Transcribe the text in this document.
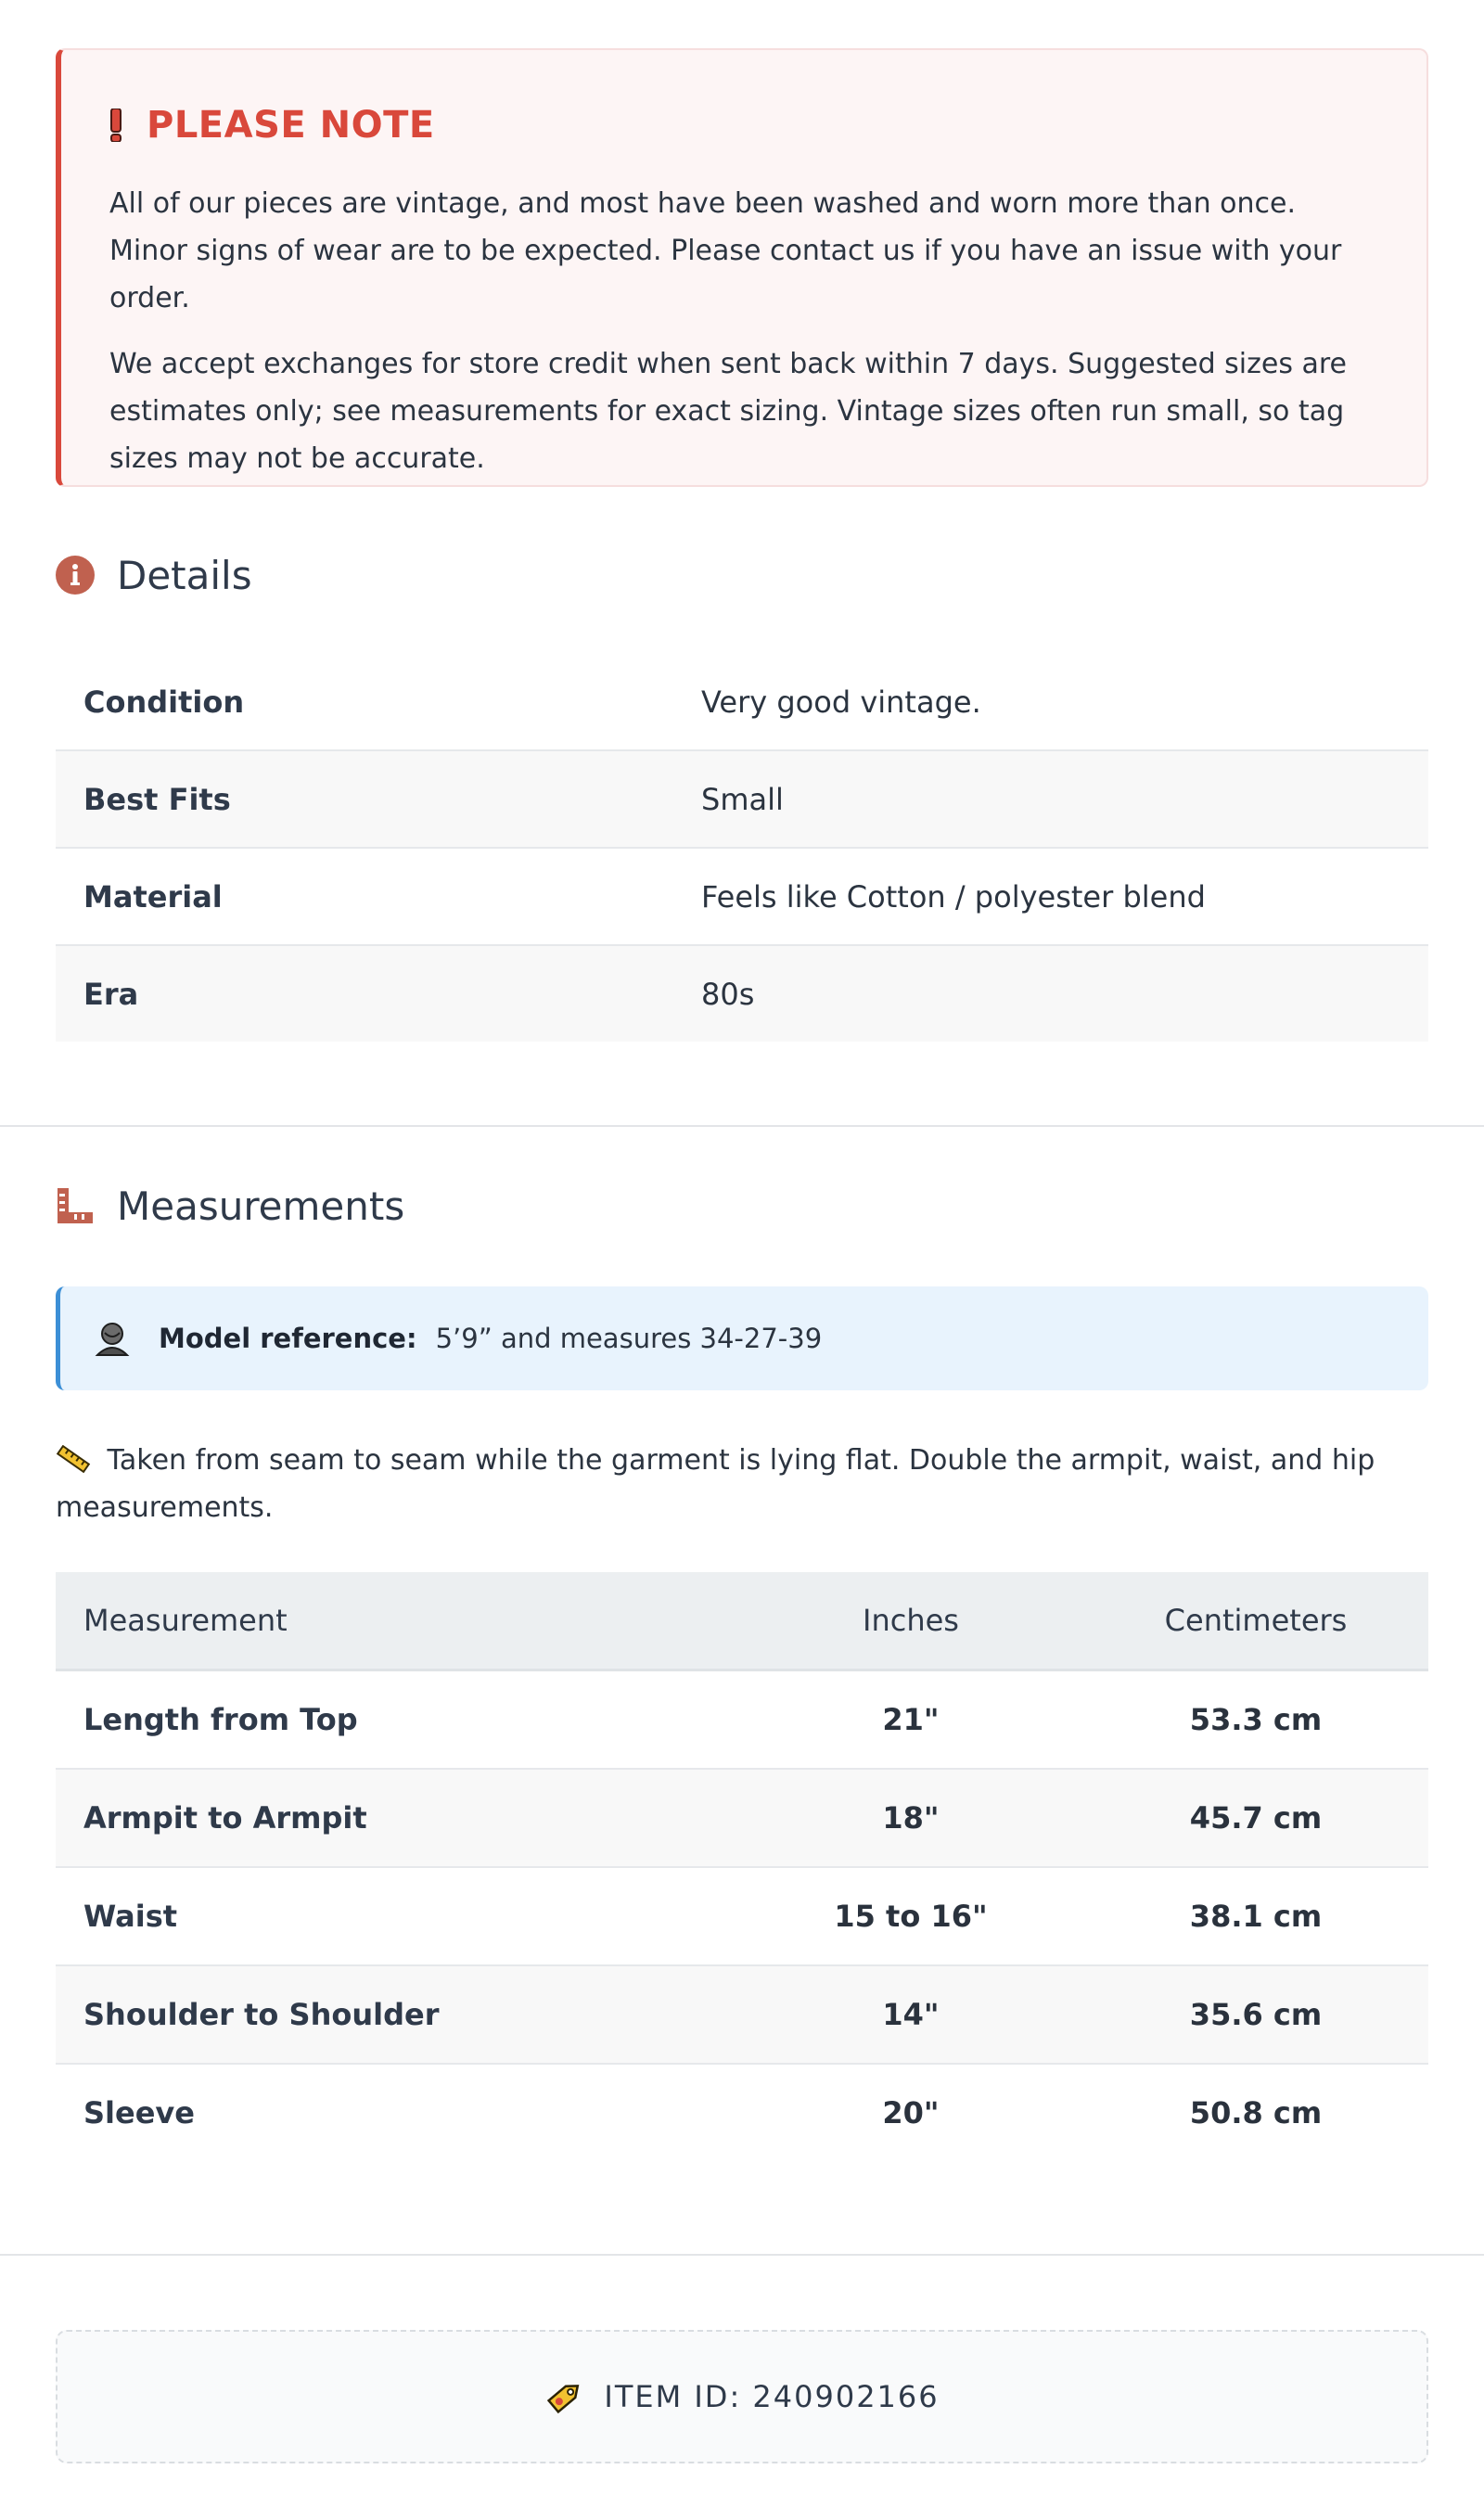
PLEASE NOTE

All of our pieces are vintage, and most have been washed and worn more than once. Minor signs of wear are to be expected. Please contact us if you have an issue with your order.

We accept exchanges for store credit when sent back within 7 days. Suggested sizes are estimates only; see measurements for exact sizing. Vintage sizes often run small, so tag sizes may not be accurate.

Details
Condition	Very good vintage.
Best Fits	Small
Material	Feels like Cotton / polyester blend
Era	80s
Measurements
Model reference: 5’9” and measures 34-27-39
Taken from seam to seam while the garment is lying flat. Double the armpit, waist, and hip measurements.
Measurement	Inches	Centimeters
Length from Top	21"	53.3 cm
Armpit to Armpit	18"	45.7 cm
Waist	15 to 16"	38.1 cm
Shoulder to Shoulder	14"	35.6 cm
Sleeve	20"	50.8 cm
ITEM ID: 240902166
